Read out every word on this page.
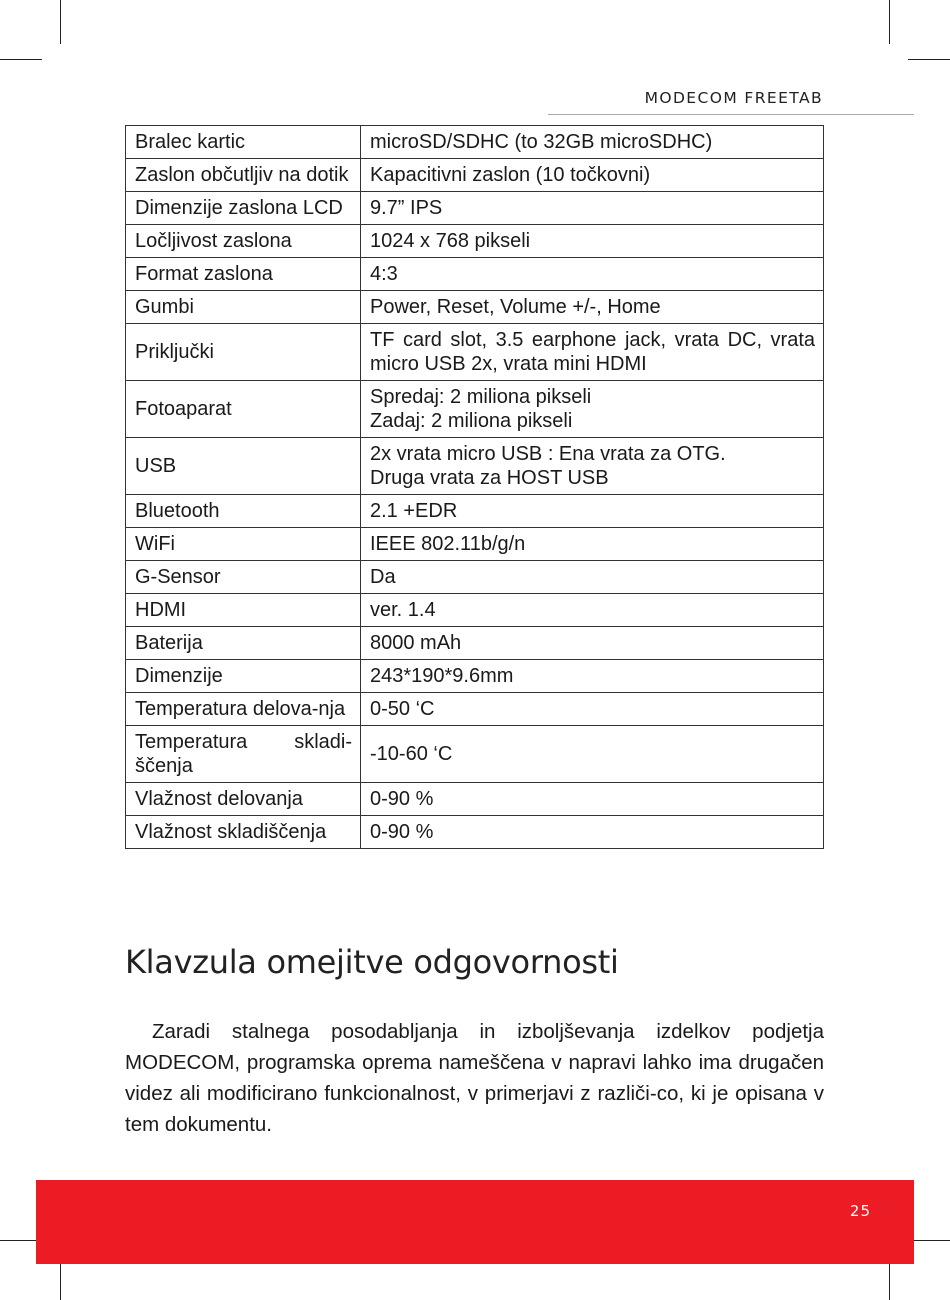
MODECOM FREETAB
Bralec kartic	microSD/SDHC (to 32GB microSDHC)

Zaslon občutljiv na dotik	Kapacitivni zaslon (10 točkovni)

Dimenzije zaslona LCD	9.7” IPS

Ločljivost zaslona	1024 x 768 pikseli

Format zaslona	4:3

Gumbi	Power, Reset, Volume +/-, Home

Priključki	TF card slot, 3.5 earphone jack, vrata DC, vrata micro USB 2x, vrata mini HDMI

Fotoaparat	Spredaj: 2 miliona pikseli
Zadaj: 2 miliona pikseli

USB	2x vrata micro USB : Ena vrata za OTG.
Druga vrata za HOST USB

Bluetooth	2.1 +EDR

WiFi	IEEE 802.11b/g/n

G-Sensor	Da

HDMI	ver. 1.4

Baterija	8000 mAh

Dimenzije	243*190*9.6mm

Temperatura delova-nja	0-50 ‘C

Temperatura skladi-ščenja	-10-60 ‘C

Vlažnost delovanja	0-90 %

Vlažnost skladiščenja	0-90 %
Klavzula omejitve odgovornosti

Zaradi stalnega posodabljanja in izboljševanja izdelkov podjetja MODECOM, programska oprema nameščena v napravi lahko ima drugačen videz ali modificirano funkcionalnost, v primerjavi z različi-co, ki je opisana v tem dokumentu.

25
